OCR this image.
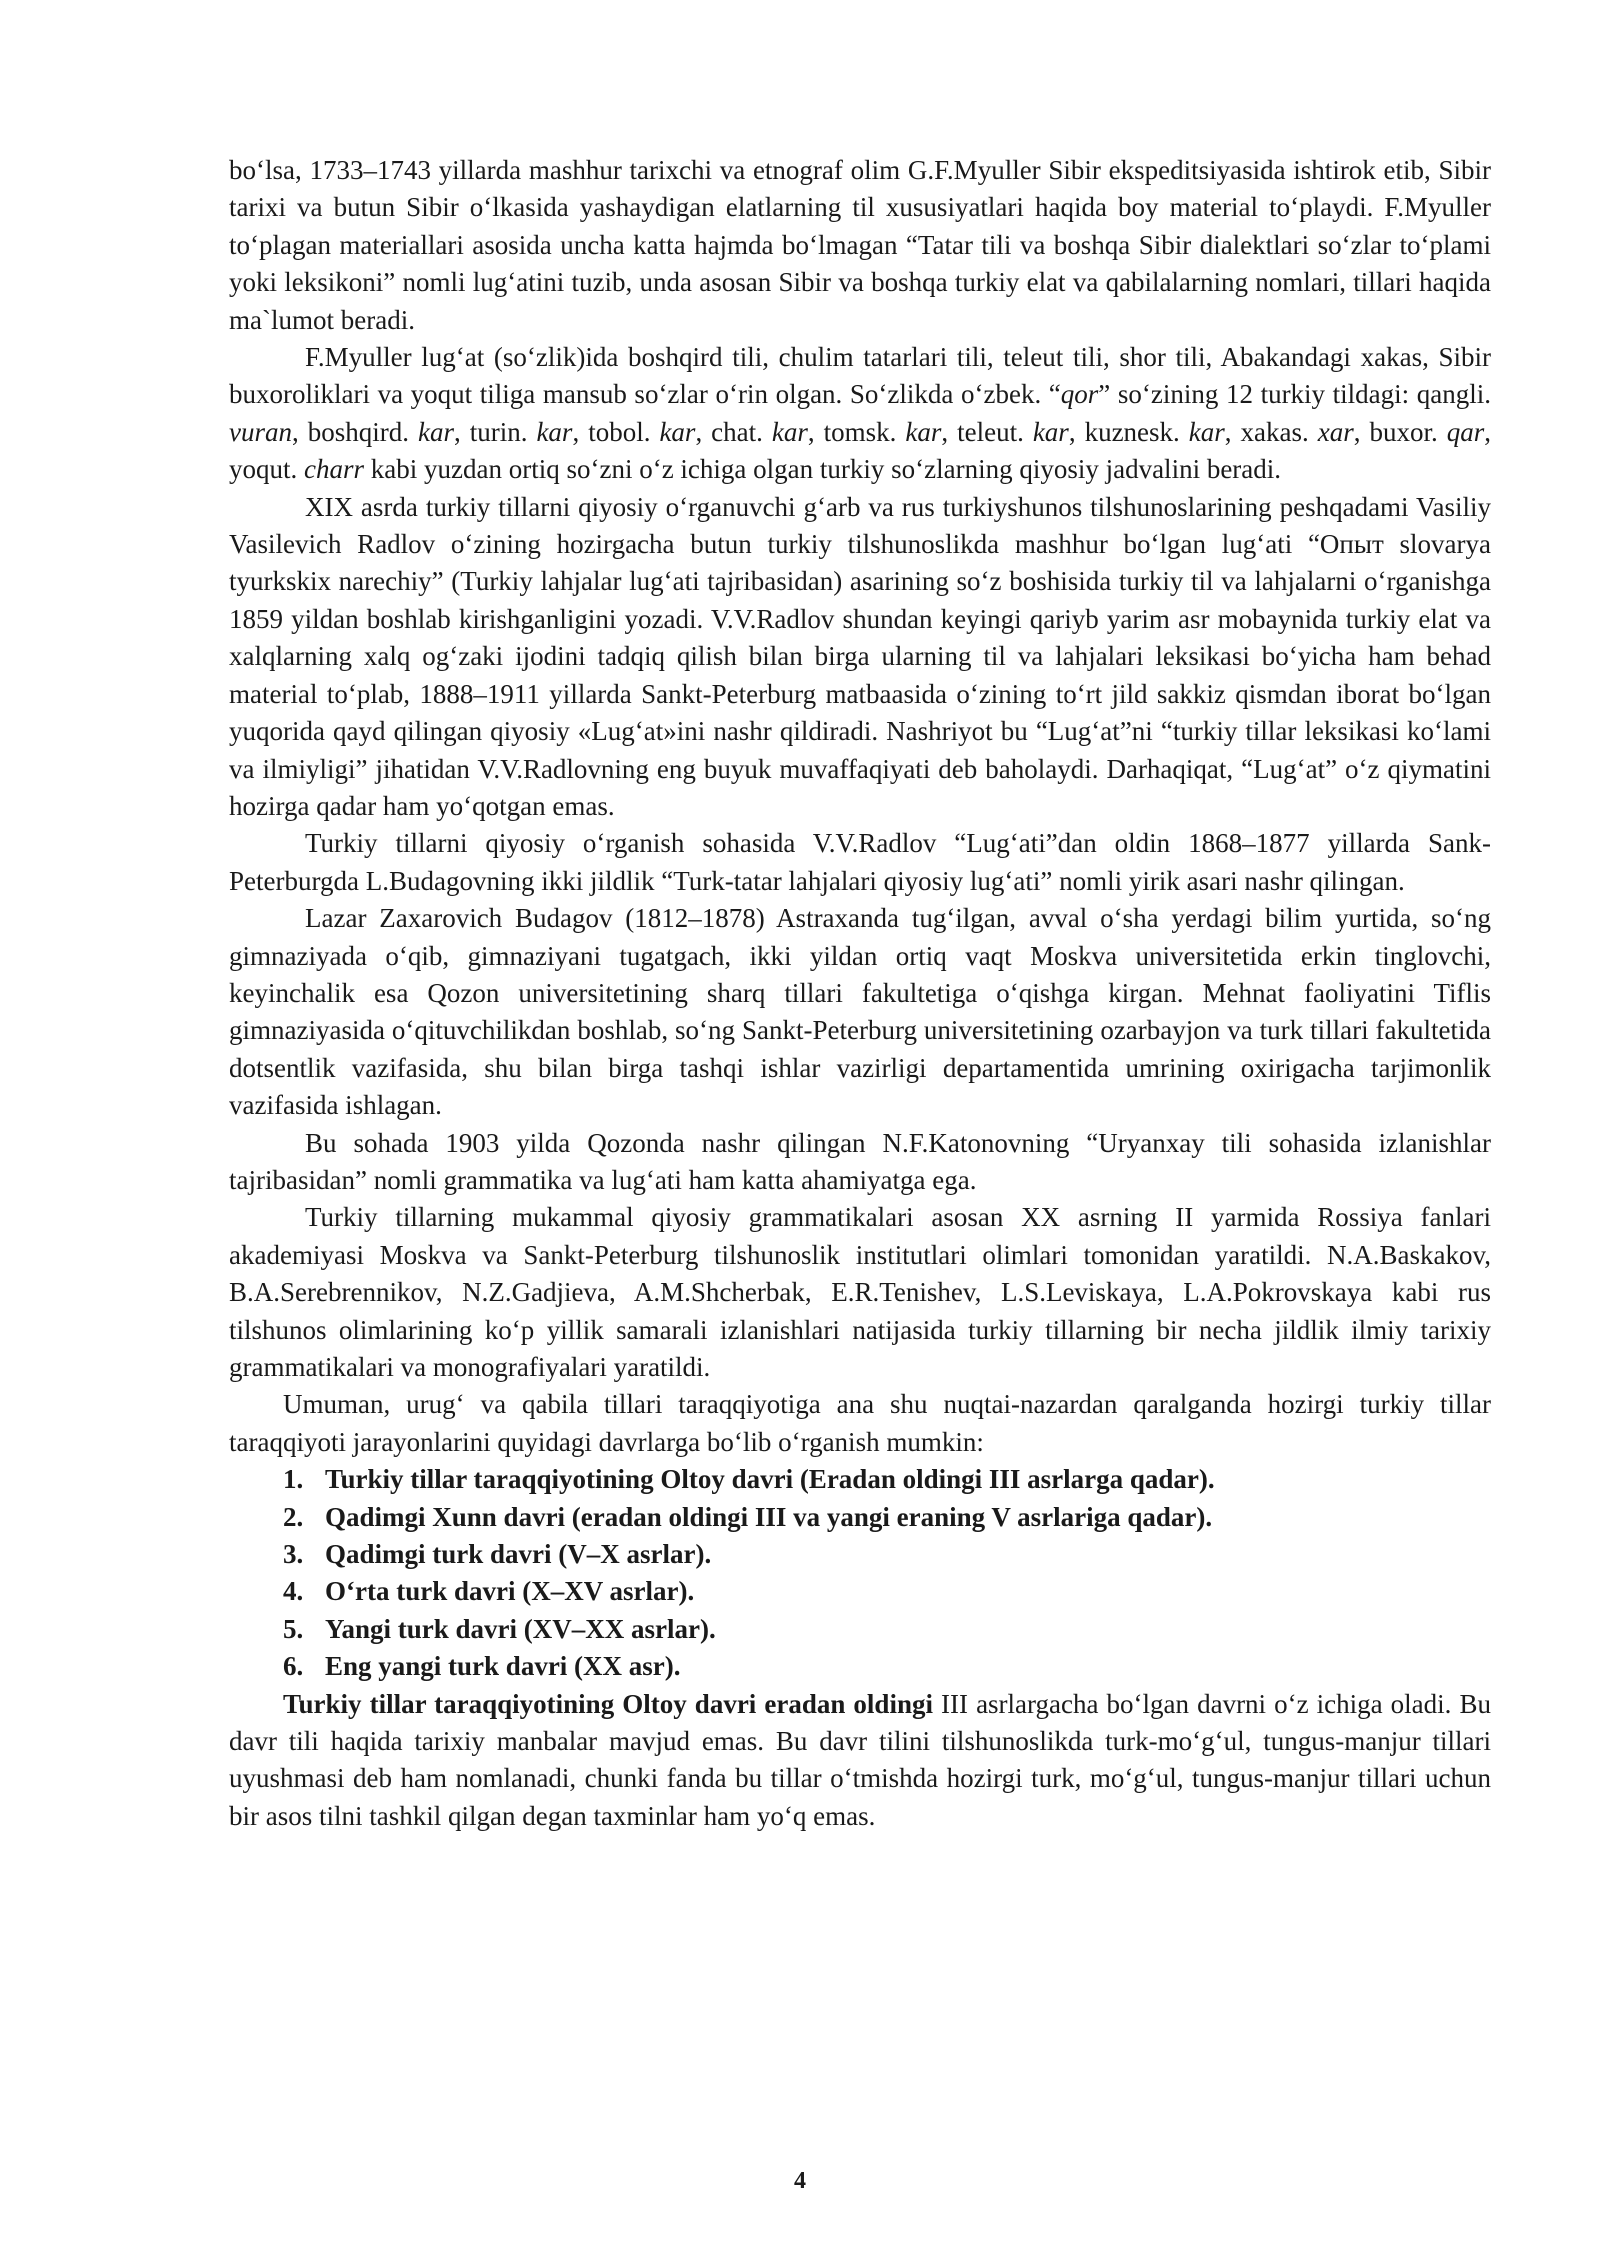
bo‘lsa, 1733–1743 yillarda mashhur tarixchi va etnograf olim G.F.Myuller Sibir ekspeditsiyasida ishtirok etib, Sibir tarixi va butun Sibir o‘lkasida yashaydigan elatlarning til xususiyatlari haqida boy material to‘playdi. F.Myuller to‘plagan materiallari asosida uncha katta hajmda bo‘lmagan “Tatar tili va boshqa Sibir dialektlari so‘zlar to‘plami yoki leksikoni” nomli lug‘atini tuzib, unda asosan Sibir va boshqa turkiy elat va qabilalarning nomlari, tillari haqida ma`lumot beradi.

F.Myuller lug‘at (so‘zlik)ida boshqird tili, chulim tatarlari tili, teleut tili, shor tili, Abakandagi xakas, Sibir buxoroliklari va yoqut tiliga mansub so‘zlar o‘rin olgan. So‘zlikda o‘zbek. “qor” so‘zining 12 turkiy tildagi: qangli. vuran, boshqird. kar, turin. kar, tobol. kar, chat. kar, tomsk. kar, teleut. kar, kuznesk. kar, xakas. xar, buxor. qar, yoqut. charr kabi yuzdan ortiq so‘zni o‘z ichiga olgan turkiy so‘zlarning qiyosiy jadvalini beradi.

XIX asrda turkiy tillarni qiyosiy o‘rganuvchi g‘arb va rus turkiyshunos tilshunoslarining peshqadami Vasiliy Vasilevich Radlov o‘zining hozirgacha butun turkiy tilshunoslikda mashhur bo‘lgan lug‘ati “Опыт slovarya tyurkskix narechiy” (Turkiy lahjalar lug‘ati tajribasidan) asarining so‘z boshisida turkiy til va lahjalarni o‘rganishga 1859 yildan boshlab kirishganligini yozadi. V.V.Radlov shundan keyingi qariyb yarim asr mobaynida turkiy elat va xalqlarning xalq og‘zaki ijodini tadqiq qilish bilan birga ularning til va lahjalari leksikasi bo‘yicha ham behad material to‘plab, 1888–1911 yillarda Sankt-Peterburg matbaasida o‘zining to‘rt jild sakkiz qismdan iborat bo‘lgan yuqorida qayd qilingan qiyosiy «Lug‘at»ini nashr qildiradi. Nashriyot bu “Lug‘at”ni “turkiy tillar leksikasi ko‘lami va ilmiyligi” jihatidan V.V.Radlovning eng buyuk muvaffaqiyati deb baholaydi. Darhaqiqat, “Lug‘at” o‘z qiymatini hozirga qadar ham yo‘qotgan emas.

Turkiy tillarni qiyosiy o‘rganish sohasida V.V.Radlov “Lug‘ati”dan oldin 1868–1877 yillarda Sank-Peterburgda L.Budagovning ikki jildlik “Turk-tatar lahjalari qiyosiy lug‘ati” nomli yirik asari nashr qilingan.

Lazar Zaxarovich Budagov (1812–1878) Astraxanda tug‘ilgan, avval o‘sha yerdagi bilim yurtida, so‘ng gimnaziyada o‘qib, gimnaziyani tugatgach, ikki yildan ortiq vaqt Moskva universitetida erkin tinglovchi, keyinchalik esa Qozon universitetining sharq tillari fakultetiga o‘qishga kirgan. Mehnat faoliyatini Tiflis gimnaziyasida o‘qituvchilikdan boshlab, so‘ng Sankt-Peterburg universitetining ozarbayjon va turk tillari fakultetida dotsentlik vazifasida, shu bilan birga tashqi ishlar vazirligi departamentida umrining oxirigacha tarjimonlik vazifasida ishlagan.

Bu sohada 1903 yilda Qozonda nashr qilingan N.F.Katonovning “Uryanxay tili sohasida izlanishlar tajribasidan” nomli grammatika va lug‘ati ham katta ahamiyatga ega.

Turkiy tillarning mukammal qiyosiy grammatikalari asosan XX asrning II yarmida Rossiya fanlari akademiyasi Moskva va Sankt-Peterburg tilshunoslik institutlari olimlari tomonidan yaratildi. N.A.Baskakov, B.A.Serebrennikov, N.Z.Gadjieva, A.M.Shcherbak, E.R.Tenishev, L.S.Leviskaya, L.A.Pokrovskaya kabi rus tilshunos olimlarining ko‘p yillik samarali izlanishlari natijasida turkiy tillarning bir necha jildlik ilmiy tarixiy grammatikalari va monografiyalari yaratildi.

Umuman, urug‘ va qabila tillari taraqqiyotiga ana shu nuqtai-nazardan qaralganda hozirgi turkiy tillar taraqqiyoti jarayonlarini quyidagi davrlarga bo‘lib o‘rganish mumkin:

1. Turkiy tillar taraqqiyotining Oltoy davri (Eradan oldingi III asrlarga qadar).
2. Qadimgi Xunn davri (eradan oldingi III va yangi eraning V asrlariga qadar).
3. Qadimgi turk davri (V–X asrlar).
4. O‘rta turk davri (X–XV asrlar).
5. Yangi turk davri (XV–XX asrlar).
6. Eng yangi turk davri (XX asr).

Turkiy tillar taraqqiyotining Oltoy davri eradan oldingi III asrlargacha bo‘lgan davrni o‘z ichiga oladi. Bu davr tili haqida tarixiy manbalar mavjud emas. Bu davr tilini tilshunoslikda turk-mo‘g‘ul, tungus-manjur tillari uyushmasi deb ham nomlanadi, chunki fanda bu tillar o‘tmishda hozirgi turk, mo‘g‘ul, tungus-manjur tillari uchun bir asos tilni tashkil qilgan degan taxminlar ham yo‘q emas.

4
